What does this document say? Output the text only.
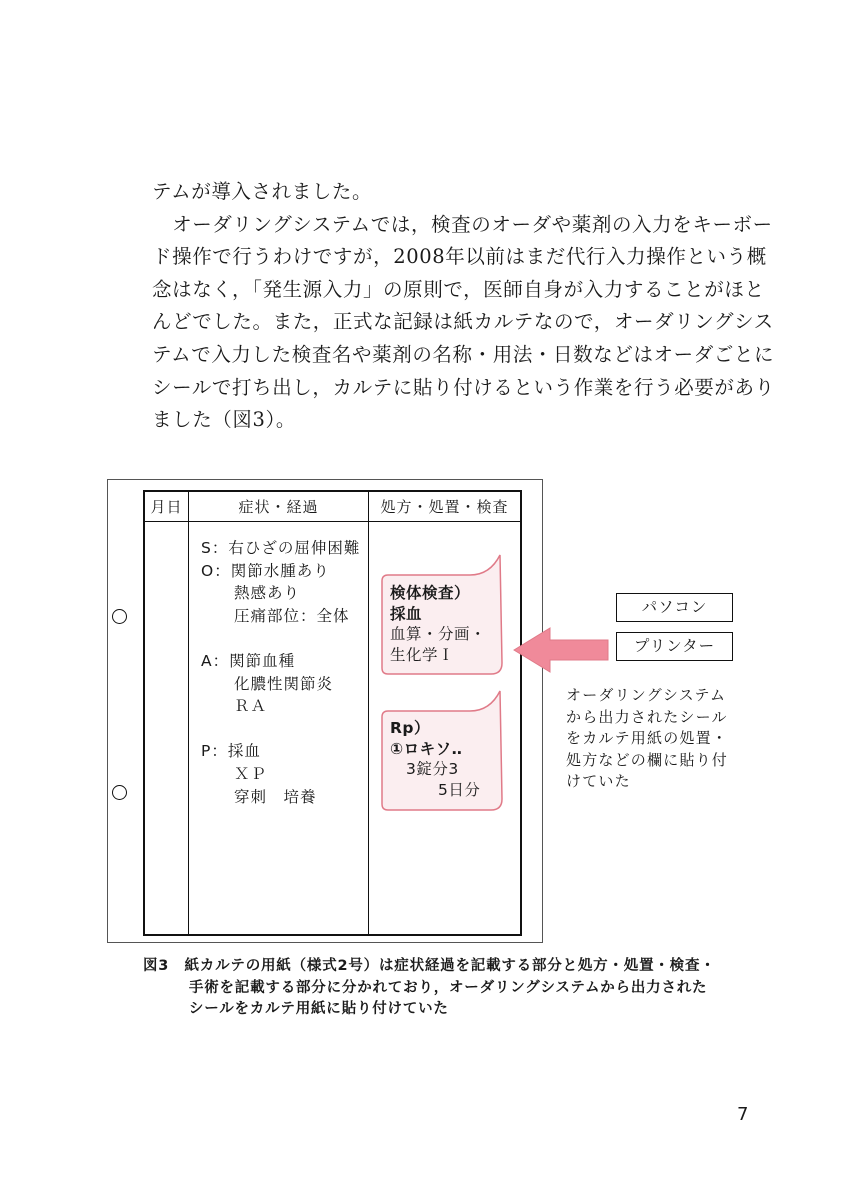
テムが導入されました。
　オーダリングシステムでは，検査のオーダや薬剤の入力をキーボー
ド操作で行うわけですが，2008年以前はまだ代行入力操作という概
念はなく，「発生源入力」の原則で，医師自身が入力することがほと
んどでした。また，正式な記録は紙カルテなので，オーダリングシス
テムで入力した検査名や薬剤の名称・用法・日数などはオーダごとに
シールで打ち出し，カルテに貼り付けるという作業を行う必要があり
ました（図3）。
月日	症状・経過	処方・処置・検査
S：右ひざの屈伸困難
O：関節水腫あり
　　熱感あり
　　圧痛部位：全体
A：関節血種
　　化膿性関節炎
　　ＲＡ
P：採血
　　ＸＰ
　　穿刺　培養
検体検査）
採血
血算・分画・
生化学Ｉ
Rp）
①ロキソ‥
　3錠分3
　　　5日分
パソコン
プリンター
オーダリングシステム
から出力されたシール
をカルテ用紙の処置・
処方などの欄に貼り付
けていた
図3　紙カルテの用紙（様式2号）は症状経過を記載する部分と処方・処置・検査・
　　　手術を記載する部分に分かれており，オーダリングシステムから出力された
　　　シールをカルテ用紙に貼り付けていた
7
